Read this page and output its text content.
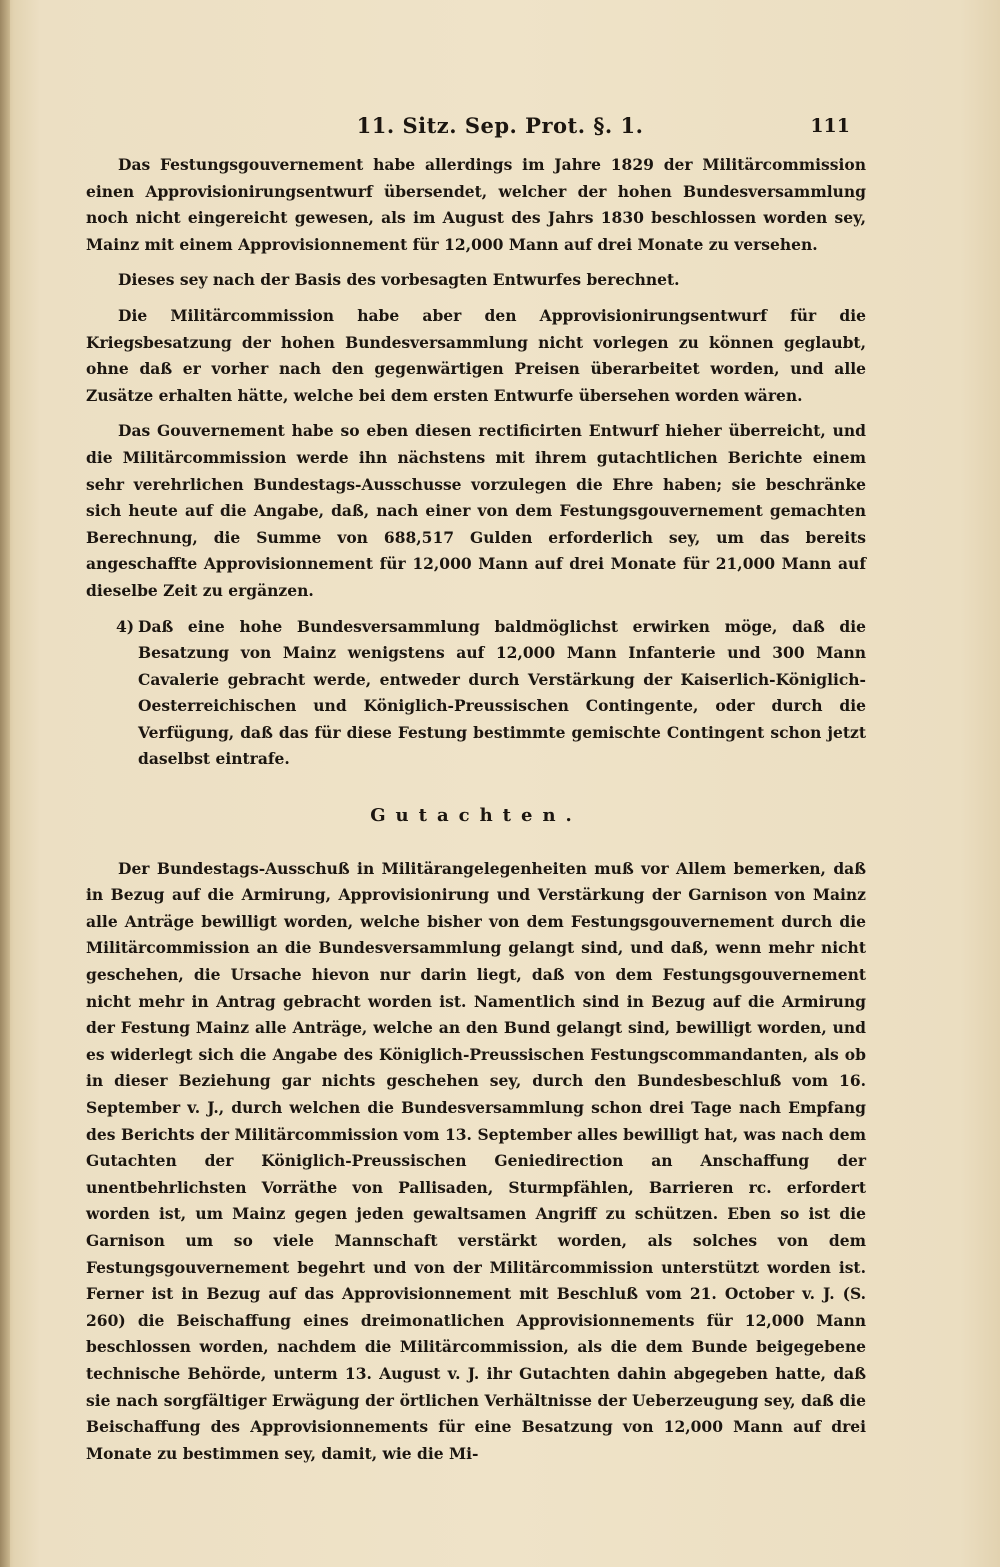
11. Sitz. Sep. Prot. §. 1.	111

Das Festungsgouvernement habe allerdings im Jahre 1829 der Militärcommission einen Approvisionirungsentwurf übersendet, welcher der hohen Bundesversammlung noch nicht eingereicht gewesen, als im August des Jahrs 1830 beschlossen worden sey, Mainz mit einem Approvisionnement für 12,000 Mann auf drei Monate zu versehen.

Dieses sey nach der Basis des vorbesagten Entwurfes berechnet.

Die Militärcommission habe aber den Approvisionirungsentwurf für die Kriegsbesatzung der hohen Bundesversammlung nicht vorlegen zu können geglaubt, ohne daß er vorher nach den gegenwärtigen Preisen überarbeitet worden, und alle Zusätze erhalten hätte, welche bei dem ersten Entwurfe übersehen worden wären.

Das Gouvernement habe so eben diesen rectificirten Entwurf hieher überreicht, und die Militärcommission werde ihn nächstens mit ihrem gutachtlichen Berichte einem sehr verehrlichen Bundestags-Ausschusse vorzulegen die Ehre haben; sie beschränke sich heute auf die Angabe, daß, nach einer von dem Festungsgouvernement gemachten Berechnung, die Summe von 688,517 Gulden erforderlich sey, um das bereits angeschaffte Approvisionnement für 12,000 Mann auf drei Monate für 21,000 Mann auf dieselbe Zeit zu ergänzen.

4) Daß eine hohe Bundesversammlung baldmöglichst erwirken möge, daß die Besatzung von Mainz wenigstens auf 12,000 Mann Infanterie und 300 Mann Cavalerie gebracht werde, entweder durch Verstärkung der Kaiserlich-Königlich-Oesterreichischen und Königlich-Preussischen Contingente, oder durch die Verfügung, daß das für diese Festung bestimmte gemischte Contingent schon jetzt daselbst eintrafe.

Gutachten.

Der Bundestags-Ausschuß in Militärangelegenheiten muß vor Allem bemerken, daß in Bezug auf die Armirung, Approvisionirung und Verstärkung der Garnison von Mainz alle Anträge bewilligt worden, welche bisher von dem Festungsgouvernement durch die Militärcommission an die Bundesversammlung gelangt sind, und daß, wenn mehr nicht geschehen, die Ursache hievon nur darin liegt, daß von dem Festungsgouvernement nicht mehr in Antrag gebracht worden ist. Namentlich sind in Bezug auf die Armirung der Festung Mainz alle Anträge, welche an den Bund gelangt sind, bewilligt worden, und es widerlegt sich die Angabe des Königlich-Preussischen Festungscommandanten, als ob in dieser Beziehung gar nichts geschehen sey, durch den Bundesbeschluß vom 16. September v. J., durch welchen die Bundesversammlung schon drei Tage nach Empfang des Berichts der Militärcommission vom 13. September alles bewilligt hat, was nach dem Gutachten der Königlich-Preussischen Geniedirection an Anschaffung der unentbehrlichsten Vorräthe von Pallisaden, Sturmpfählen, Barrieren rc. erfordert worden ist, um Mainz gegen jeden gewaltsamen Angriff zu schützen. Eben so ist die Garnison um so viele Mannschaft verstärkt worden, als solches von dem Festungsgouvernement begehrt und von der Militärcommission unterstützt worden ist. Ferner ist in Bezug auf das Approvisionnement mit Beschluß vom 21. October v. J. (S. 260) die Beischaffung eines dreimonatlichen Approvisionnements für 12,000 Mann beschlossen worden, nachdem die Militärcommission, als die dem Bunde beigegebene technische Behörde, unterm 13. August v. J. ihr Gutachten dahin abgegeben hatte, daß sie nach sorgfältiger Erwägung der örtlichen Verhältnisse der Ueberzeugung sey, daß die Beischaffung des Approvisionnements für eine Besatzung von 12,000 Mann auf drei Monate zu bestimmen sey, damit, wie die Mi-
